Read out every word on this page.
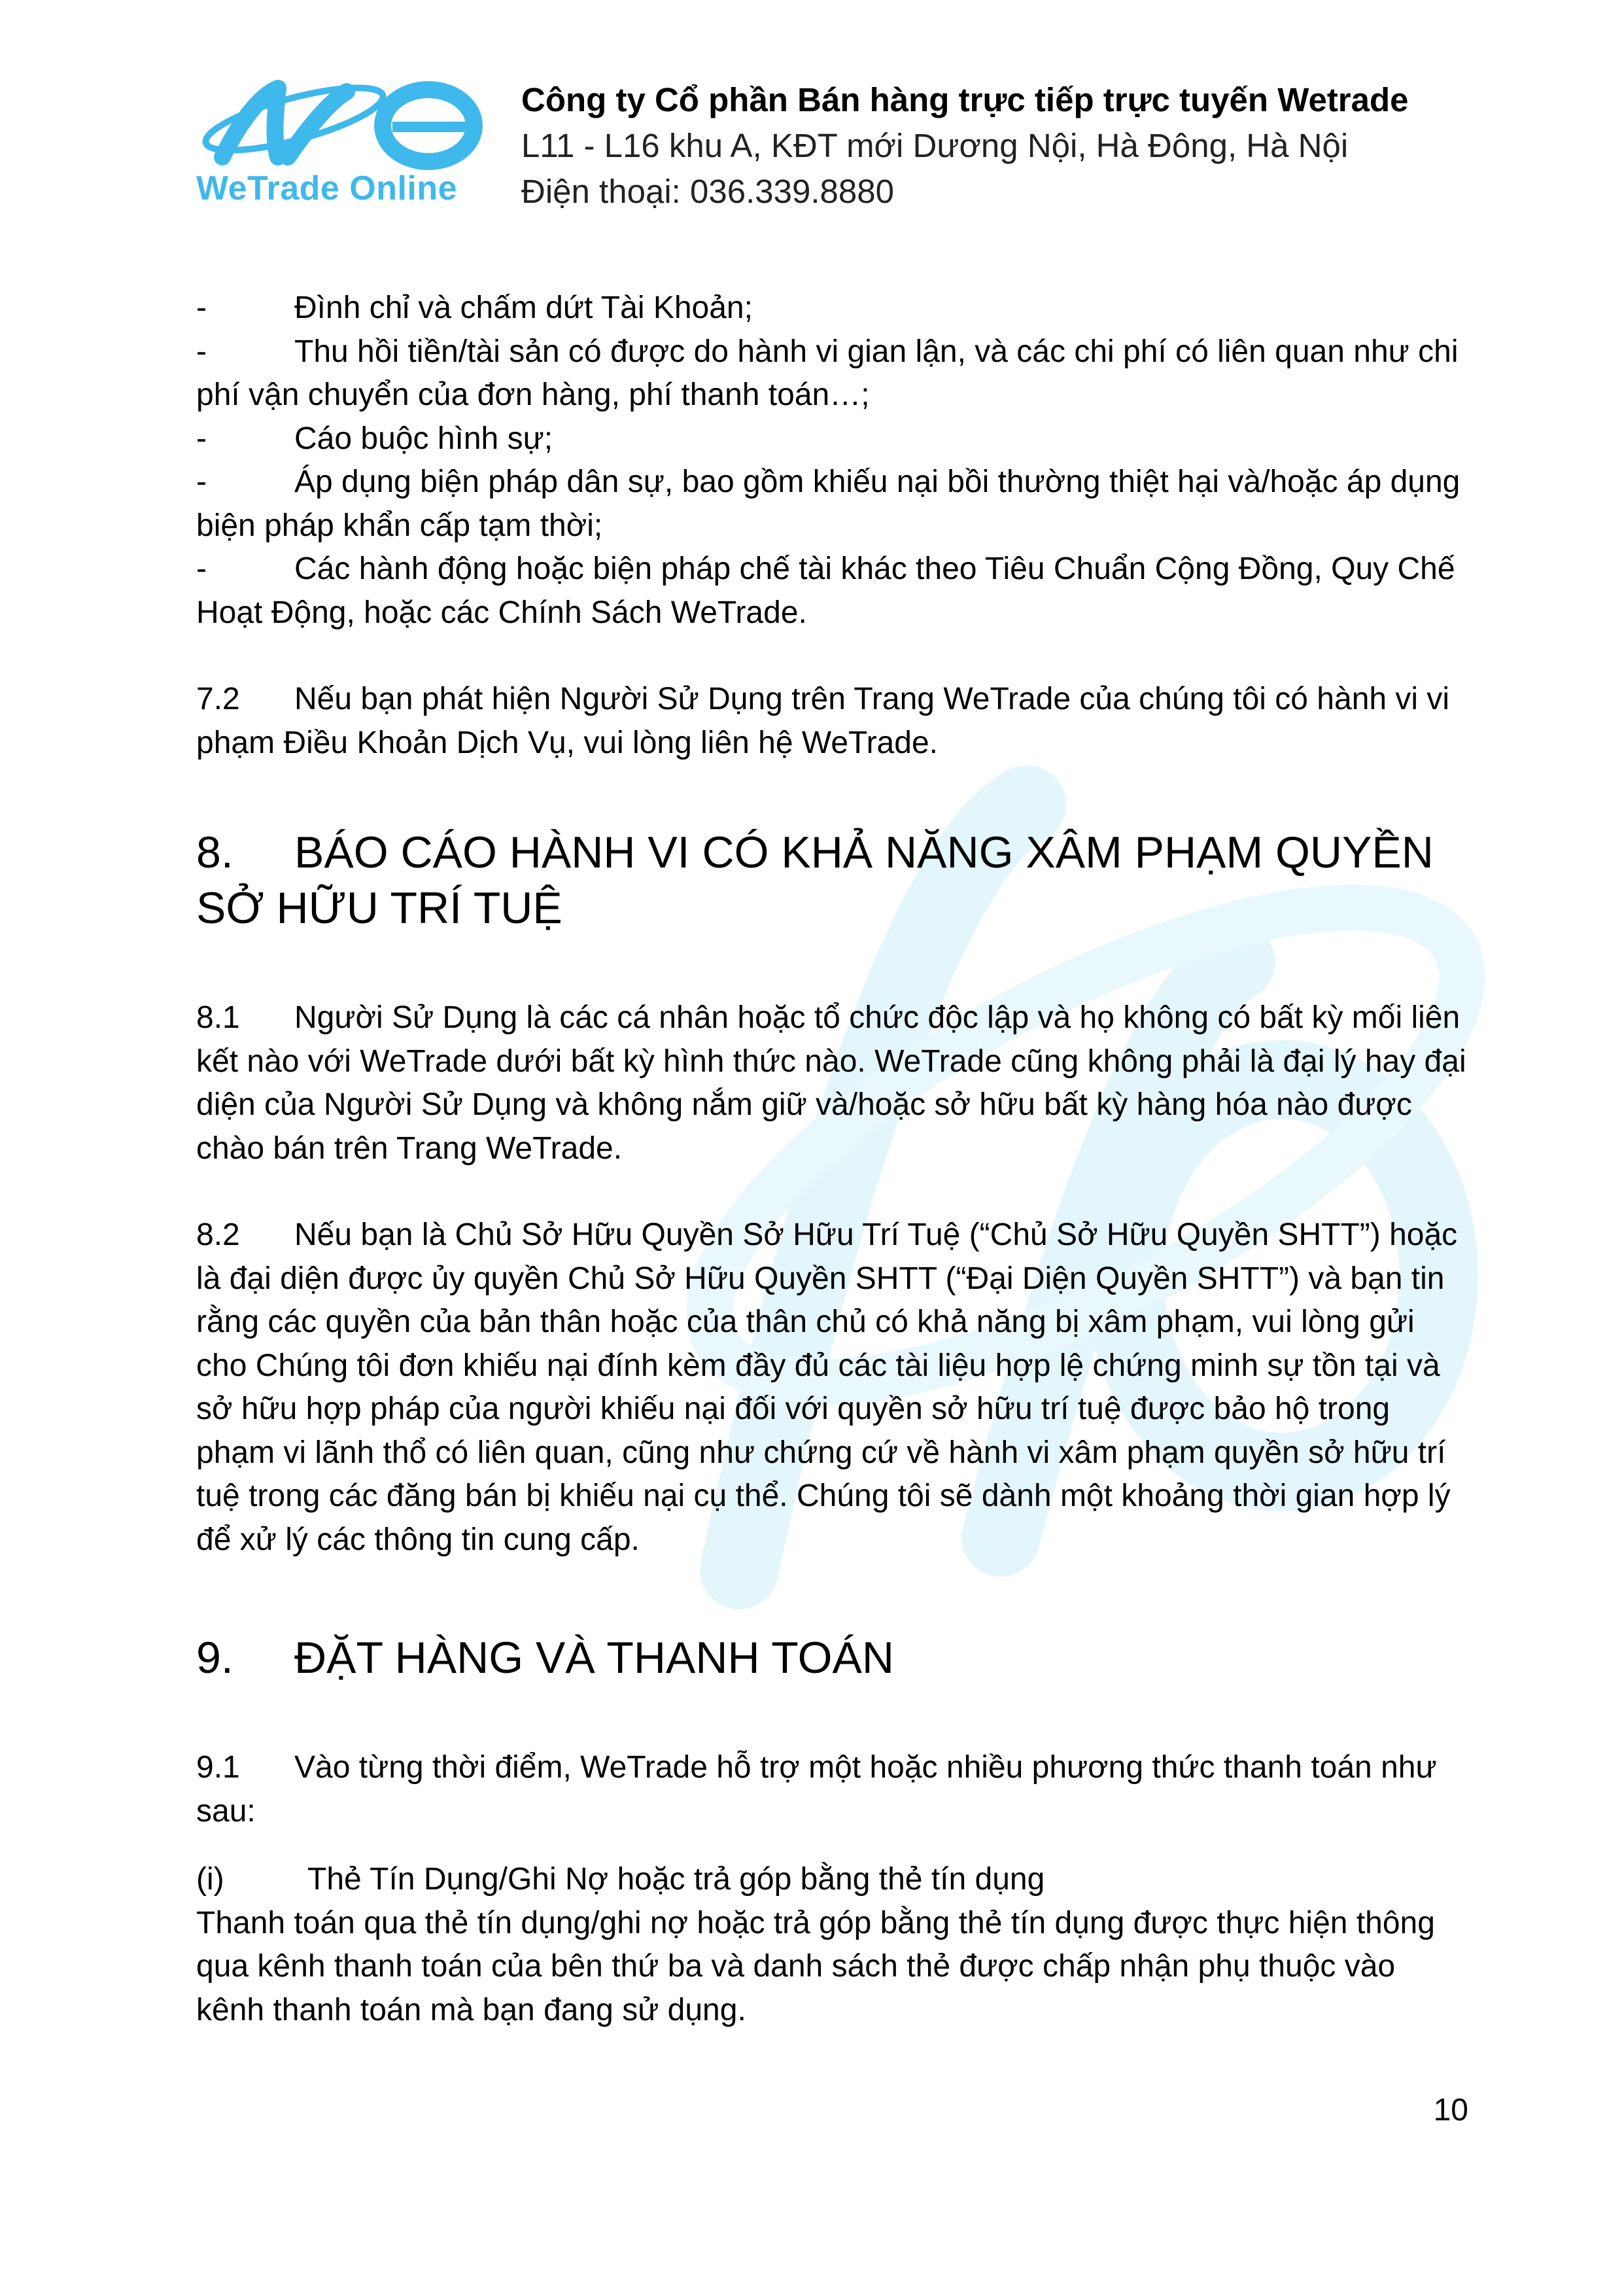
WeTrade Online
Công ty Cổ phần Bán hàng trực tiếp trực tuyến Wetrade
L11 - L16 khu A, KĐT mới Dương Nội, Hà Đông, Hà Nội
Điện thoại: 036.339.8880
-	Đình chỉ và chấm dứt Tài Khoản;
-	Thu hồi tiền/tài sản có được do hành vi gian lận, và các chi phí có liên quan như chi phí vận chuyển của đơn hàng, phí thanh toán…;
-	Cáo buộc hình sự;
-	Áp dụng biện pháp dân sự, bao gồm khiếu nại bồi thường thiệt hại và/hoặc áp dụng biện pháp khẩn cấp tạm thời;
-	Các hành động hoặc biện pháp chế tài khác theo Tiêu Chuẩn Cộng Đồng, Quy Chế Hoạt Động, hoặc các Chính Sách WeTrade.
7.2 Nếu bạn phát hiện Người Sử Dụng trên Trang WeTrade của chúng tôi có hành vi vi phạm Điều Khoản Dịch Vụ, vui lòng liên hệ WeTrade.
8. BÁO CÁO HÀNH VI CÓ KHẢ NĂNG XÂM PHẠM QUYỀN SỞ HỮU TRÍ TUỆ
8.1 Người Sử Dụng là các cá nhân hoặc tổ chức độc lập và họ không có bất kỳ mối liên kết nào với WeTrade dưới bất kỳ hình thức nào. WeTrade cũng không phải là đại lý hay đại diện của Người Sử Dụng và không nắm giữ và/hoặc sở hữu bất kỳ hàng hóa nào được chào bán trên Trang WeTrade.
8.2 Nếu bạn là Chủ Sở Hữu Quyền Sở Hữu Trí Tuệ (“Chủ Sở Hữu Quyền SHTT”) hoặc là đại diện được ủy quyền Chủ Sở Hữu Quyền SHTT (“Đại Diện Quyền SHTT”) và bạn tin rằng các quyền của bản thân hoặc của thân chủ có khả năng bị xâm phạm, vui lòng gửi cho Chúng tôi đơn khiếu nại đính kèm đầy đủ các tài liệu hợp lệ chứng minh sự tồn tại và sở hữu hợp pháp của người khiếu nại đối với quyền sở hữu trí tuệ được bảo hộ trong phạm vi lãnh thổ có liên quan, cũng như chứng cứ về hành vi xâm phạm quyền sở hữu trí tuệ trong các đăng bán bị khiếu nại cụ thể. Chúng tôi sẽ dành một khoảng thời gian hợp lý để xử lý các thông tin cung cấp.
9. ĐẶT HÀNG VÀ THANH TOÁN
9.1 Vào từng thời điểm, WeTrade hỗ trợ một hoặc nhiều phương thức thanh toán như sau:
(i)	Thẻ Tín Dụng/Ghi Nợ hoặc trả góp bằng thẻ tín dụng
Thanh toán qua thẻ tín dụng/ghi nợ hoặc trả góp bằng thẻ tín dụng được thực hiện thông qua kênh thanh toán của bên thứ ba và danh sách thẻ được chấp nhận phụ thuộc vào kênh thanh toán mà bạn đang sử dụng.
10
